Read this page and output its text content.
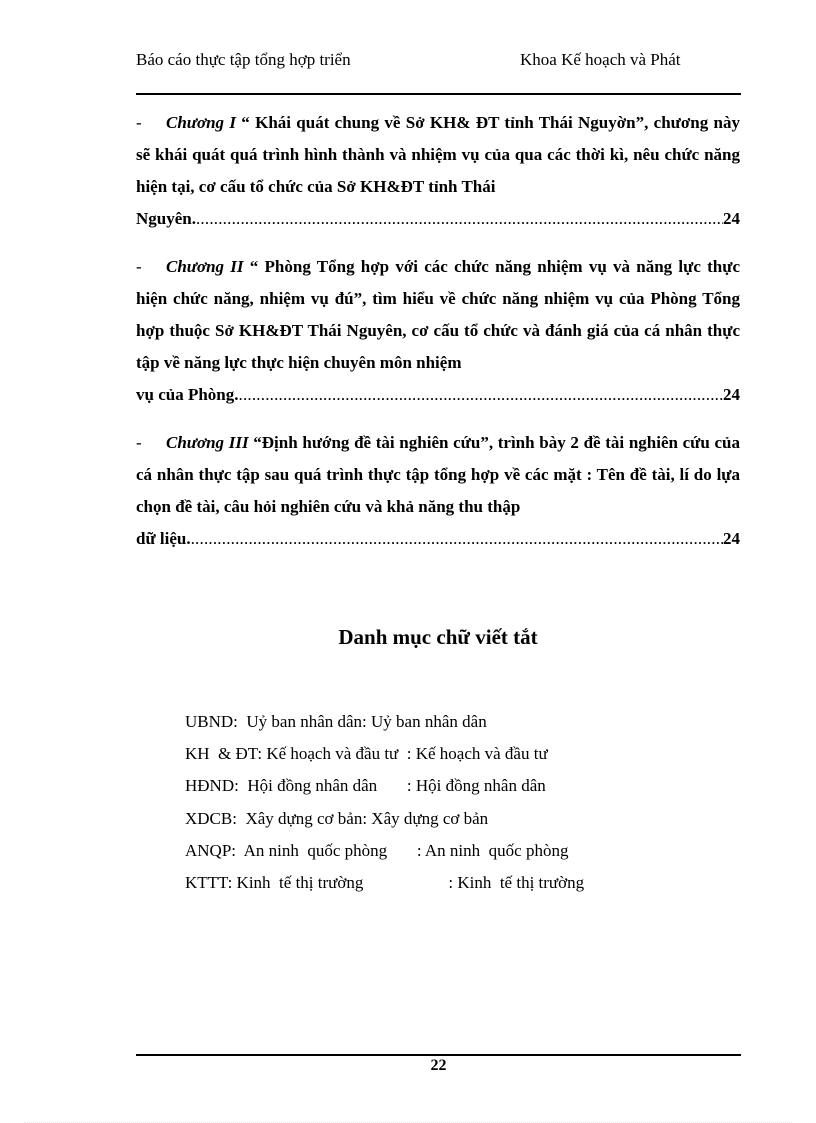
Báo cáo thực tập tổng hợp triển	Khoa Kế hoạch và Phát
- Chương I “ Khái quát chung về Sở KH& ĐT tỉnh Thái Nguyờn”, chương này sẽ khái quát quá trình hình thành và nhiệm vụ của qua các thời kì, nêu chức năng hiện tại, cơ cấu tổ chức của Sở KH&ĐT tỉnh Thái
Nguyên. .....	24
- Chương II “ Phòng Tổng hợp với các chức năng nhiệm vụ và năng lực thực hiện chức năng, nhiệm vụ đú”, tìm hiểu về chức năng nhiệm vụ của Phòng Tổng hợp thuộc Sở KH&ĐT Thái Nguyên, cơ cấu tổ chức và đánh giá của cá nhân thực tập về năng lực thực hiện chuyên môn nhiệm
vụ của Phòng. .....	24
- Chương III “Định hướng đề tài nghiên cứu”, trình bày 2 đề tài nghiên cứu của cá nhân thực tập sau quá trình thực tập tổng hợp về các mặt : Tên đề tài, lí do lựa chọn đề tài, câu hỏi nghiên cứu và khả năng thu thập
dữ liệu. .....	24
Danh mục chữ viết tắt
UBND:  Uỷ ban nhân dân: Uỷ ban nhân dân
KH  & ĐT: Kế hoạch và đầu tư  : Kế hoạch và đầu tư
HĐND:  Hội đồng nhân dân       : Hội đồng nhân dân
XDCB:  Xây dựng cơ bản: Xây dựng cơ bản
ANQP:  An ninh  quốc phòng       : An ninh  quốc phòng
KTTT: Kinh  tế thị trường                    : Kinh  tế thị trường
22
